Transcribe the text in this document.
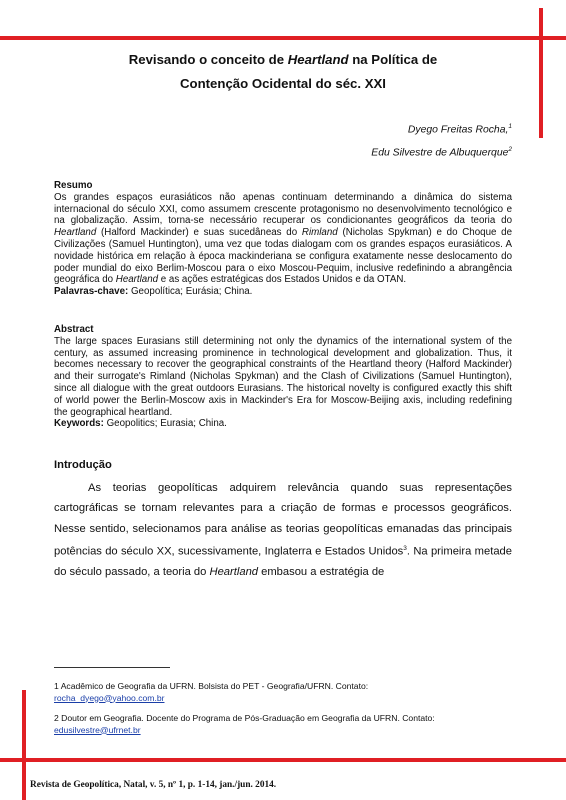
Revisando o conceito de Heartland na Política de
Contenção Ocidental do séc. XXI
Dyego Freitas Rocha,$^1$
Edu Silvestre de Albuquerque$^2$

Resumo

Os grandes espaços eurasiáticos não apenas continuam determinando a dinâmica do sistema internacional do século XXI, como assumem crescente protagonismo no desenvolvimento tecnológico e na globalização. Assim, torna-se necessário recuperar os condicionantes geográficos da teoria do Heartland (Halford Mackinder) e suas sucedâneas do Rimland (Nicholas Spykman) e do Choque de Civilizações (Samuel Huntington), uma vez que todas dialogam com os grandes espaços eurasiáticos. A novidade histórica em relação à época mackinderiana se configura exatamente nesse deslocamento do poder mundial do eixo Berlim-Moscou para o eixo Moscou-Pequim, inclusive redefinindo a abrangência geográfica do Heartland e as ações estratégicas dos Estados Unidos e da OTAN.

Palavras-chave: Geopolítica; Eurásia; China.

Abstract

The large spaces Eurasians still determining not only the dynamics of the international system of the century, as assumed increasing prominence in technological development and globalization. Thus, it becomes necessary to recover the geographical constraints of the Heartland theory (Halford Mackinder) and their surrogate's Rimland (Nicholas Spykman) and the Clash of Civilizations (Samuel Huntington), since all dialogue with the great outdoors Eurasians. The historical novelty is configured exactly this shift of world power the Berlin-Moscow axis in Mackinder's Era for Moscow-Beijing axis, including redefining the geographical heartland.

Keywords: Geopolitics; Eurasia; China.

Introdução
As teorias geopolíticas adquirem relevância quando suas representações cartográficas se tornam relevantes para a criação de formas e processos geográficos. Nesse sentido, selecionamos para análise as teorias geopolíticas emanadas das principais potências do século XX, sucessivamente, Inglaterra e Estados Unidos$^3$. Na primeira metade do século passado, a teoria do Heartland embasou a estratégia de
1 Acadêmico de Geografia da UFRN. Bolsista do PET - Geografia/UFRN. Contato:
rocha_dyego@yahoo.com.br
2 Doutor em Geografia. Docente do Programa de Pós-Graduação em Geografia da UFRN. Contato:
edusilvestre@ufrnet.br
Revista de Geopolítica, Natal, v. 5, nº 1, p. 1-14, jan./jun. 2014.
